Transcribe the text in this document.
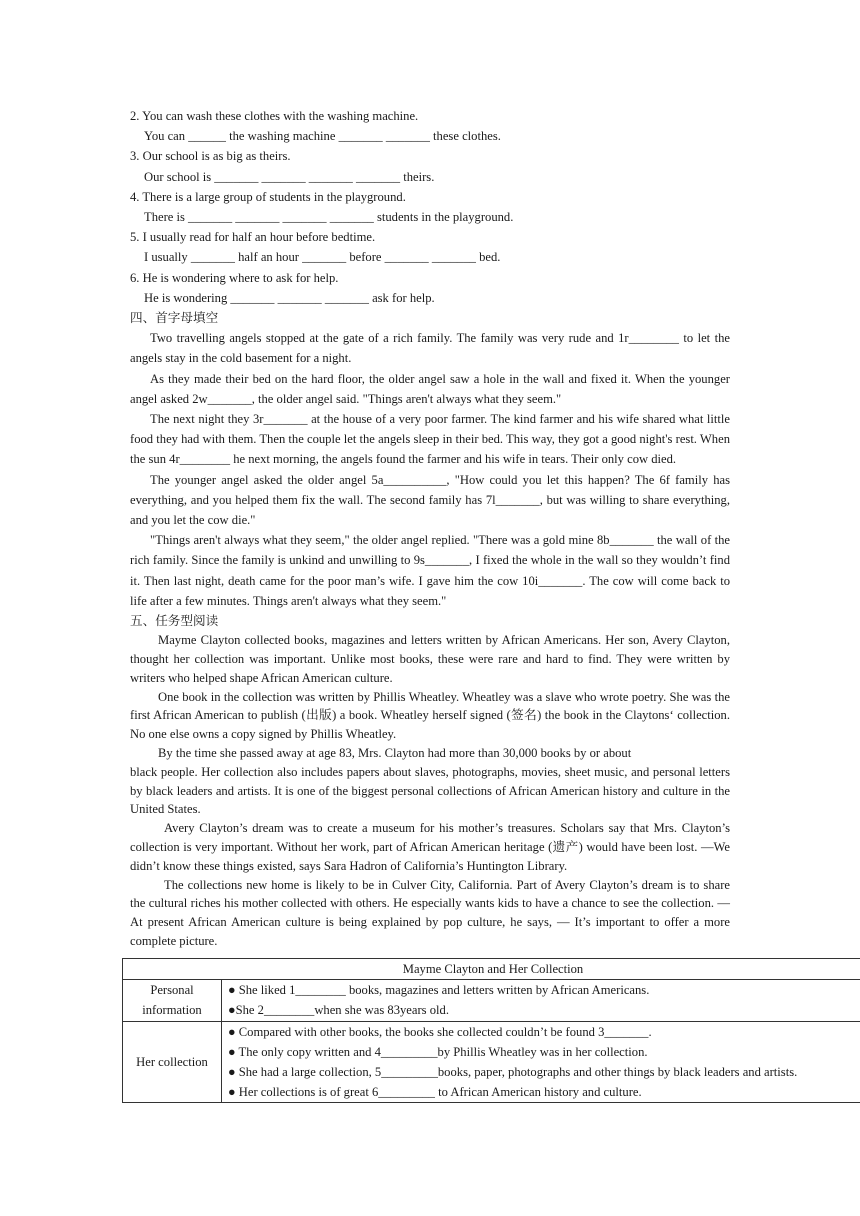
2. You can wash these clothes with the washing machine.
You can ______ the washing machine _______ _______ these clothes.
3. Our school is as big as theirs.
Our school is _______ _______ _______ _______ theirs.
4. There is a large group of students in the playground.
There is _______ _______ _______ _______ students in the playground.
5. I usually read for half an hour before bedtime.
I usually _______ half an hour _______ before _______ _______ bed.
6. He is wondering where to ask for help.
He is wondering _______ _______ _______ ask for help.
四、首字母填空

Two travelling angels stopped at the gate of a rich family. The family was very rude and 1r________ to let the angels stay in the cold basement for a night.

As they made their bed on the hard floor, the older angel saw a hole in the wall and fixed it. When the younger angel asked 2w_______, the older angel said. "Things aren't always what they seem."

The next night they 3r_______ at the house of a very poor farmer. The kind farmer and his wife shared what little food they had with them. Then the couple let the angels sleep in their bed. This way, they got a good night's rest. When the sun 4r________ he next morning, the angels found the farmer and his wife in tears. Their only cow died.

The younger angel asked the older angel 5a__________, "How could you let this happen? The 6f family has everything, and you helped them fix the wall. The second family has 7l_______, but was willing to share everything, and you let the cow die."

"Things aren't always what they seem," the older angel replied. "There was a gold mine 8b_______ the wall of the rich family. Since the family is unkind and unwilling to 9s_______, I fixed the whole in the wall so they wouldn’t find it. Then last night, death came for the poor man’s wife. I gave him the cow 10i_______. The cow will come back to life after a few minutes. Things aren't always what they seem."

五、任务型阅读

Mayme Clayton collected books, magazines and letters written by African Americans. Her son, Avery Clayton, thought her collection was important. Unlike most books, these were rare and hard to find. They were written by writers who helped shape African American culture.

One book in the collection was written by Phillis Wheatley. Wheatley was a slave who wrote poetry. She was the first African American to publish (出版) a book. Wheatley herself signed (签名) the book in the Claytons‘ collection. No one else owns a copy signed by Phillis Wheatley.

By the time she passed away at age 83, Mrs. Clayton had more than 30,000 books by or about

black people. Her collection also includes papers about slaves, photographs, movies, sheet music, and personal letters by black leaders and artists. It is one of the biggest personal collections of African American history and culture in the United States.

Avery Clayton’s dream was to create a museum for his mother’s treasures. Scholars say that Mrs. Clayton’s collection is very important. Without her work, part of African American heritage (遗产) would have been lost. ―We didn’t know these things existed, says Sara Hadron of California’s Huntington Library.

The collections new home is likely to be in Culver City, California. Part of Avery Clayton’s dream is to share the cultural riches his mother collected with others. He especially wants kids to have a chance to see the collection. ― At present African American culture is being explained by pop culture, he says, ― It’s important to offer a more complete picture.

Mayme Clayton and Her Collection	
Personal information	● She liked 1________ books, magazines and letters written by African Americans.
●She 2________when she was 83years old.

Her collection	● Compared with other books, the books she collected couldn’t be found 3_______.
● The only copy written and 4_________by Phillis Wheatley was in her collection.
● She had a large collection, 5_________books, paper, photographs and other things by black leaders and artists.
● Her collections is of great 6_________ to African American history and culture.
